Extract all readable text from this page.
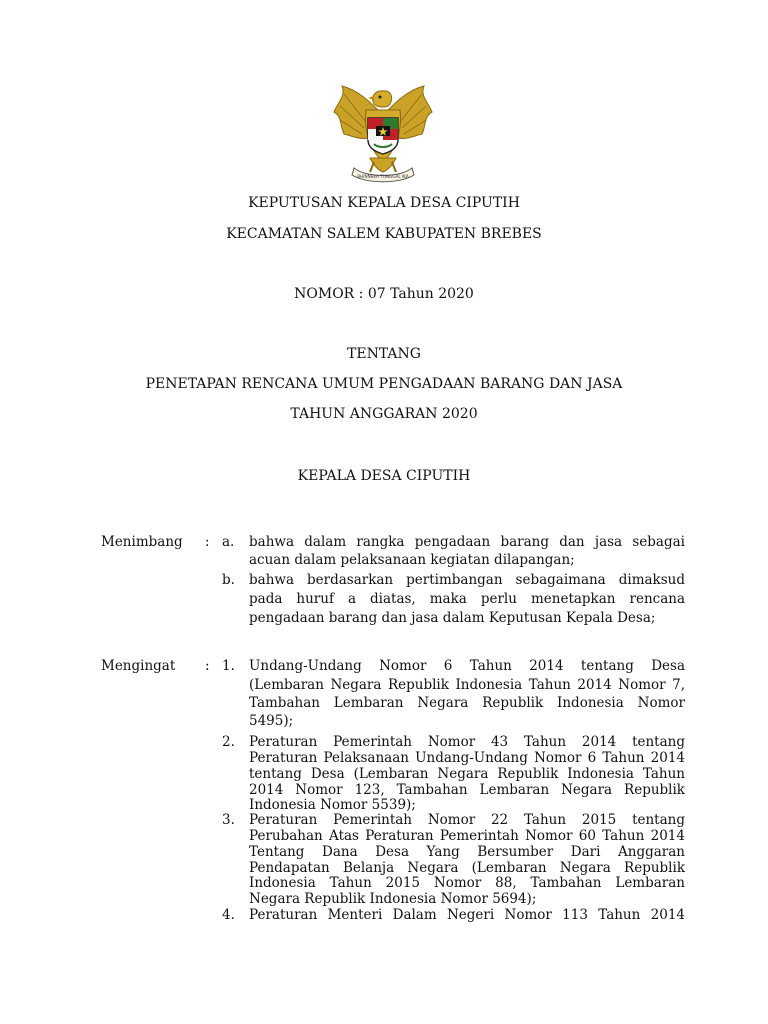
BHINNEKA TUNGGAL IKA
KEPUTUSAN KEPALA DESA CIPUTIH
KECAMATAN SALEM KABUPATEN BREBES
NOMOR : 07 Tahun 2020
TENTANG
PENETAPAN RENCANA UMUM PENGADAAN BARANG DAN JASA
TAHUN ANGGARAN 2020
KEPALA DESA CIPUTIH
Menimbang : a. bahwa dalam rangka pengadaan barang dan jasa sebagai
acuan dalam pelaksanaan kegiatan dilapangan;
b. bahwa berdasarkan pertimbangan sebagaimana dimaksud
pada huruf a diatas, maka perlu menetapkan rencana
pengadaan barang dan jasa dalam Keputusan Kepala Desa;
Mengingat : 1. Undang-Undang Nomor 6 Tahun 2014 tentang Desa
(Lembaran Negara Republik Indonesia Tahun 2014 Nomor 7,
Tambahan Lembaran Negara Republik Indonesia Nomor
5495);
2. Peraturan Pemerintah Nomor 43 Tahun 2014 tentang
Peraturan Pelaksanaan Undang-Undang Nomor 6 Tahun 2014
tentang Desa (Lembaran Negara Republik Indonesia Tahun
2014 Nomor 123, Tambahan Lembaran Negara Republik
Indonesia Nomor 5539);
3. Peraturan Pemerintah Nomor 22 Tahun 2015 tentang
Perubahan Atas Peraturan Pemerintah Nomor 60 Tahun 2014
Tentang Dana Desa Yang Bersumber Dari Anggaran
Pendapatan Belanja Negara (Lembaran Negara Republik
Indonesia Tahun 2015 Nomor 88, Tambahan Lembaran
Negara Republik Indonesia Nomor 5694);
4. Peraturan Menteri Dalam Negeri Nomor 113 Tahun 2014
